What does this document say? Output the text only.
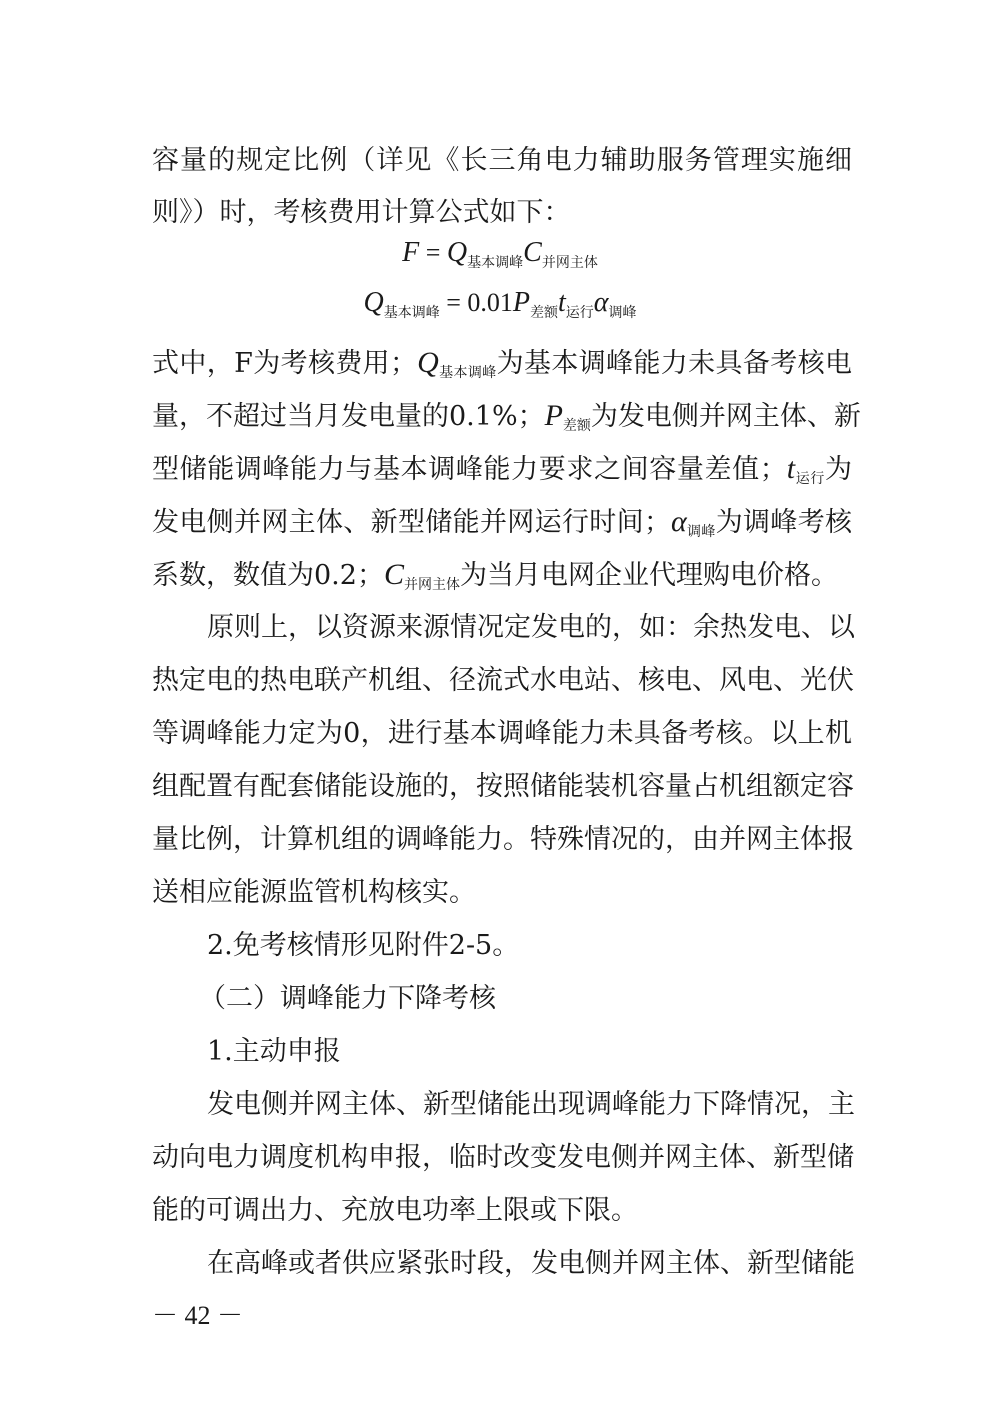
容量的规定比例（详见《长三角电力辅助服务管理实施细
则》）时，考核费用计算公式如下：
$F = Q_{基本调峰}C_{并网主体}$
$Q_{基本调峰} = 0.01P_{差额}t_{运行}\alpha_{调峰}$
式中，F为考核费用；$Q_{基本调峰}$为基本调峰能力未具备考核电
量，不超过当月发电量的0.1%；$P_{差额}$为发电侧并网主体、新
型储能调峰能力与基本调峰能力要求之间容量差值；$t_{运行}$为
发电侧并网主体、新型储能并网运行时间；$\alpha_{调峰}$为调峰考核
系数，数值为0.2；$C_{并网主体}$为当月电网企业代理购电价格。
原则上，以资源来源情况定发电的，如：余热发电、以
热定电的热电联产机组、径流式水电站、核电、风电、光伏
等调峰能力定为0，进行基本调峰能力未具备考核。以上机
组配置有配套储能设施的，按照储能装机容量占机组额定容
量比例，计算机组的调峰能力。特殊情况的，由并网主体报
送相应能源监管机构核实。
2.免考核情形见附件2-5。
（二）调峰能力下降考核
1.主动申报
发电侧并网主体、新型储能出现调峰能力下降情况，主
动向电力调度机构申报，临时改变发电侧并网主体、新型储
能的可调出力、充放电功率上限或下限。
在高峰或者供应紧张时段，发电侧并网主体、新型储能
－ 42 －
